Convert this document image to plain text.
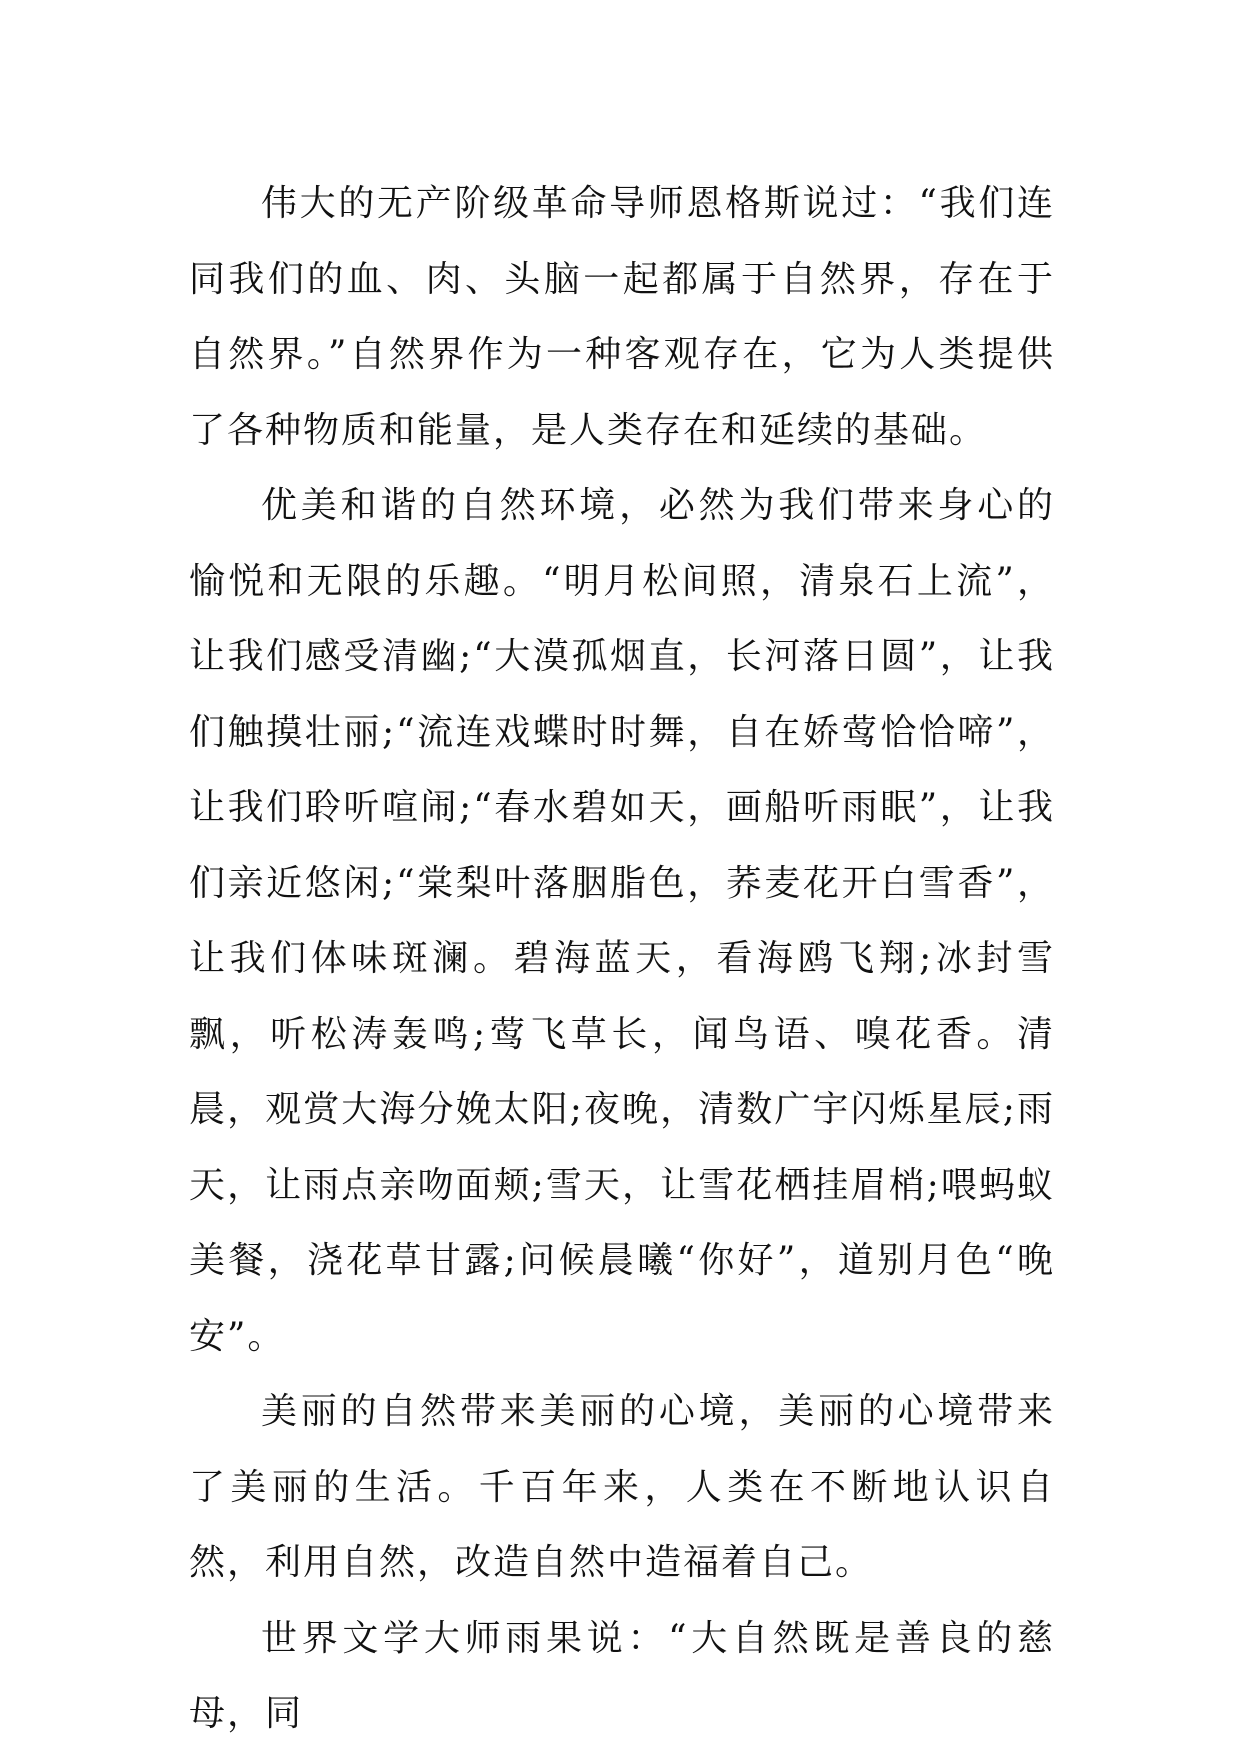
伟大的无产阶级革命导师恩格斯说过：“我们连同我们的血、肉、头脑一起都属于自然界，存在于自然界。”自然界作为一种客观存在，它为人类提供了各种物质和能量，是人类存在和延续的基础。

优美和谐的自然环境，必然为我们带来身心的愉悦和无限的乐趣。“明月松间照，清泉石上流”，让我们感受清幽;“大漠孤烟直，长河落日圆”，让我们触摸壮丽;“流连戏蝶时时舞，自在娇莺恰恰啼”，让我们聆听喧闹;“春水碧如天，画船听雨眠”，让我们亲近悠闲;“棠梨叶落胭脂色，荞麦花开白雪香”，让我们体味斑澜。碧海蓝天，看海鸥飞翔;冰封雪飘，听松涛轰鸣;莺飞草长，闻鸟语、嗅花香。清晨，观赏大海分娩太阳;夜晚，清数广宇闪烁星辰;雨天，让雨点亲吻面颊;雪天，让雪花栖挂眉梢;喂蚂蚁美餐，浇花草甘露;问候晨曦“你好”，道别月色“晚安”。

美丽的自然带来美丽的心境，美丽的心境带来了美丽的生活。千百年来，人类在不断地认识自然，利用自然，改造自然中造福着自己。

世界文学大师雨果说：“大自然既是善良的慈母，同
